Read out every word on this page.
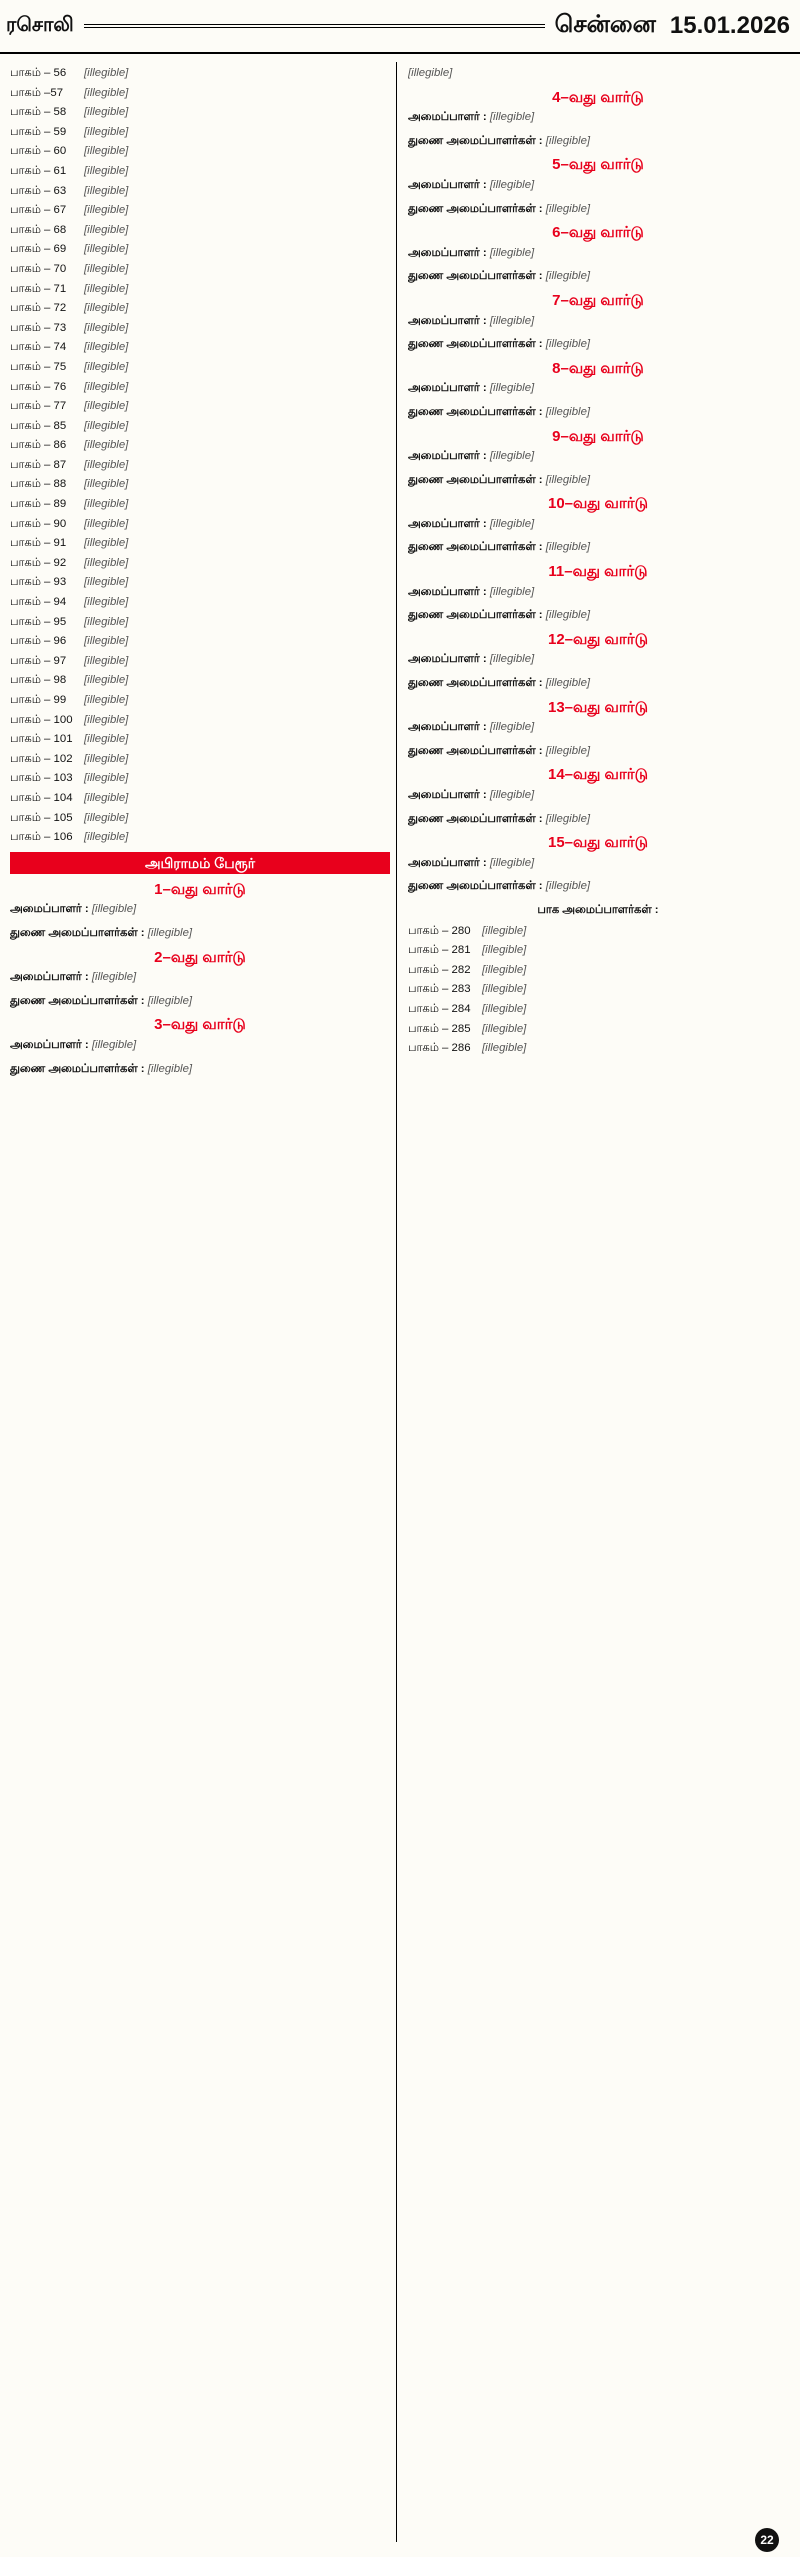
ரசொலி	சென்னை 15.01.2026
பாகம் – 56	[illegible]
பாகம் –57	[illegible]
பாகம் – 58	[illegible]
பாகம் – 59	[illegible]
பாகம் – 60	[illegible]
பாகம் – 61	[illegible]
பாகம் – 63	[illegible]
பாகம் – 67	[illegible]
பாகம் – 68	[illegible]
பாகம் – 69	[illegible]
பாகம் – 70	[illegible]
பாகம் – 71	[illegible]
பாகம் – 72	[illegible]
பாகம் – 73	[illegible]
பாகம் – 74	[illegible]
பாகம் – 75	[illegible]
பாகம் – 76	[illegible]
பாகம் – 77	[illegible]
பாகம் – 85	[illegible]
பாகம் – 86	[illegible]
பாகம் – 87	[illegible]
பாகம் – 88	[illegible]
பாகம் – 89	[illegible]
பாகம் – 90	[illegible]
பாகம் – 91	[illegible]
பாகம் – 92	[illegible]
பாகம் – 93	[illegible]
பாகம் – 94	[illegible]
பாகம் – 95	[illegible]
பாகம் – 96	[illegible]
பாகம் – 97	[illegible]
பாகம் – 98	[illegible]
பாகம் – 99	[illegible]
பாகம் – 100	[illegible]
பாகம் – 101	[illegible]
பாகம் – 102	[illegible]
பாகம் – 103	[illegible]
பாகம் – 104	[illegible]
பாகம் – 105	[illegible]
பாகம் – 106	[illegible]
அபிராமம் பேரூர்
1–வது வார்டு
அமைப்பாளர் : [illegible]
துணை அமைப்பாளர்கள் : [illegible]
2–வது வார்டு
அமைப்பாளர் : [illegible]
துணை அமைப்பாளர்கள் : [illegible]
3–வது வார்டு
அமைப்பாளர் : [illegible]
துணை அமைப்பாளர்கள் : [illegible]
[illegible]
4–வது வார்டு
அமைப்பாளர் : [illegible]
துணை அமைப்பாளர்கள் : [illegible]
5–வது வார்டு
அமைப்பாளர் : [illegible]
துணை அமைப்பாளர்கள் : [illegible]
6–வது வார்டு
அமைப்பாளர் : [illegible]
துணை அமைப்பாளர்கள் : [illegible]
7–வது வார்டு
அமைப்பாளர் : [illegible]
துணை அமைப்பாளர்கள் : [illegible]
8–வது வார்டு
அமைப்பாளர் : [illegible]
துணை அமைப்பாளர்கள் : [illegible]
9–வது வார்டு
அமைப்பாளர் : [illegible]
துணை அமைப்பாளர்கள் : [illegible]
10–வது வார்டு
அமைப்பாளர் : [illegible]
துணை அமைப்பாளர்கள் : [illegible]
11–வது வார்டு
அமைப்பாளர் : [illegible]
துணை அமைப்பாளர்கள் : [illegible]
12–வது வார்டு
அமைப்பாளர் : [illegible]
துணை அமைப்பாளர்கள் : [illegible]
13–வது வார்டு
அமைப்பாளர் : [illegible]
துணை அமைப்பாளர்கள் : [illegible]
14–வது வார்டு
அமைப்பாளர் : [illegible]
துணை அமைப்பாளர்கள் : [illegible]
15–வது வார்டு
அமைப்பாளர் : [illegible]
துணை அமைப்பாளர்கள் : [illegible]
பாக அமைப்பாளர்கள் :
பாகம் – 280	[illegible]
பாகம் – 281	[illegible]
பாகம் – 282	[illegible]
பாகம் – 283	[illegible]
பாகம் – 284	[illegible]
பாகம் – 285	[illegible]
பாகம் – 286	[illegible]
22
